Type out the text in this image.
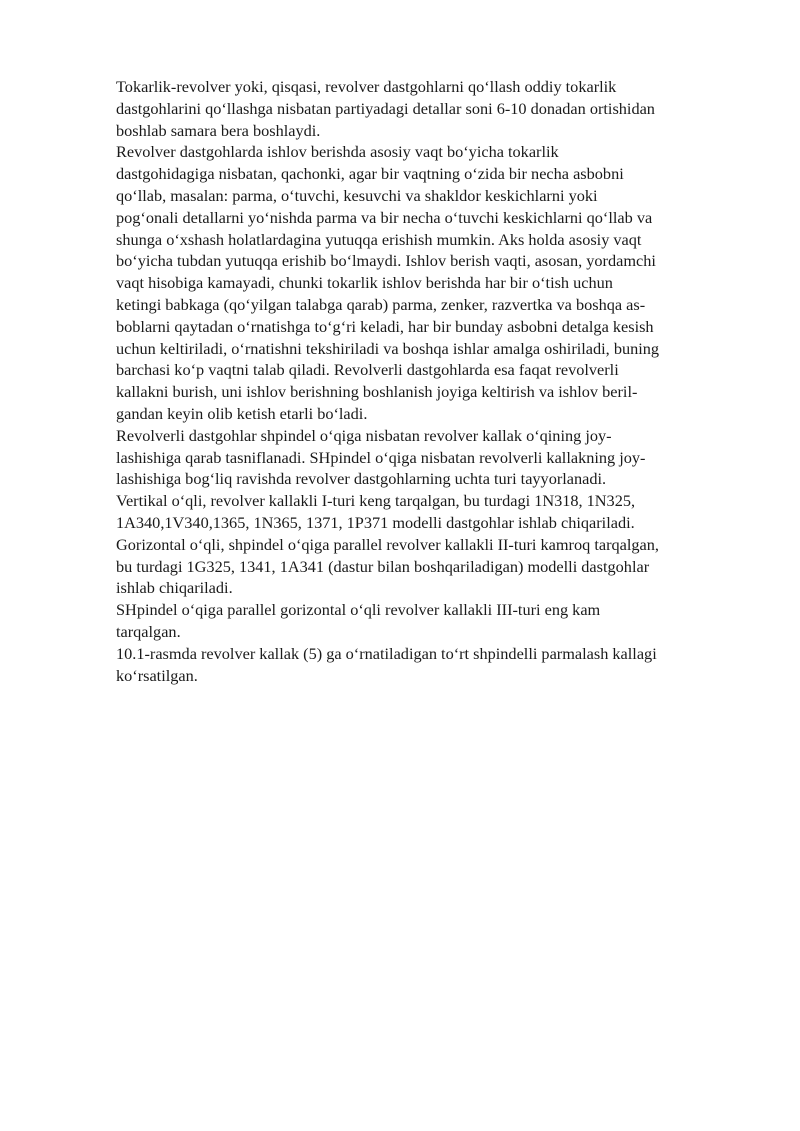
Tokarlik-revolver yoki, qisqasi, revolver dastgohlarni qo‘llash oddiy tokarlik
dastgohlarini qo‘llashga nisbatan partiyadagi detallar soni 6-10 donadan ortishidan
boshlab samara bera boshlaydi.
Revolver dastgohlarda ishlov berishda asosiy vaqt bo‘yicha tokarlik
dastgohidagiga nisbatan, qachonki, agar bir vaqtning o‘zida bir necha asbobni
qo‘llab, masalan: parma, o‘tuvchi, kesuvchi va shakldor keskichlarni yoki
pog‘onali detallarni yo‘nishda parma va bir necha o‘tuvchi keskichlarni qo‘llab va
shunga o‘xshash holatlardagina yutuqqa erishish mumkin. Aks holda asosiy vaqt
bo‘yicha tubdan yutuqqa erishib bo‘lmaydi. Ishlov berish vaqti, asosan, yordamchi
vaqt hisobiga kamayadi, chunki tokarlik ishlov berishda har bir o‘tish uchun
ketingi babkaga (qo‘yilgan talabga qarab) parma, zenker, razvertka va boshqa as-
boblarni qaytadan o‘rnatishga to‘g‘ri keladi, har bir bunday asbobni detalga kesish
uchun keltiriladi, o‘rnatishni tekshiriladi va boshqa ishlar amalga oshiriladi, buning
barchasi ko‘p vaqtni talab qiladi. Revolverli dastgohlarda esa faqat revolverli
kallakni burish, uni ishlov berishning boshlanish joyiga keltirish va ishlov beril-
gandan keyin olib ketish etarli bo‘ladi.
Revolverli dastgohlar shpindel o‘qiga nisbatan revolver kallak o‘qining joy-
lashishiga qarab tasniflanadi. SHpindel o‘qiga nisbatan revolverli kallakning joy-
lashishiga bog‘liq ravishda revolver dastgohlarning uchta turi tayyorlanadi.
Vertikal o‘qli, revolver kallakli I-turi keng tarqalgan, bu turdagi 1N318, 1N325,
1A340,1V340,1365, 1N365, 1371, 1P371 modelli dastgohlar ishlab chiqariladi.
Gorizontal o‘qli, shpindel o‘qiga parallel revolver kallakli II-turi kamroq tarqalgan,
bu turdagi 1G325, 1341, 1A341 (dastur bilan boshqariladigan) modelli dastgohlar
ishlab chiqariladi.
SHpindel o‘qiga parallel gorizontal o‘qli revolver kallakli III-turi eng kam
tarqalgan.
10.1-rasmda revolver kallak (5) ga o‘rnatiladigan to‘rt shpindelli parmalash kallagi
ko‘rsatilgan.
